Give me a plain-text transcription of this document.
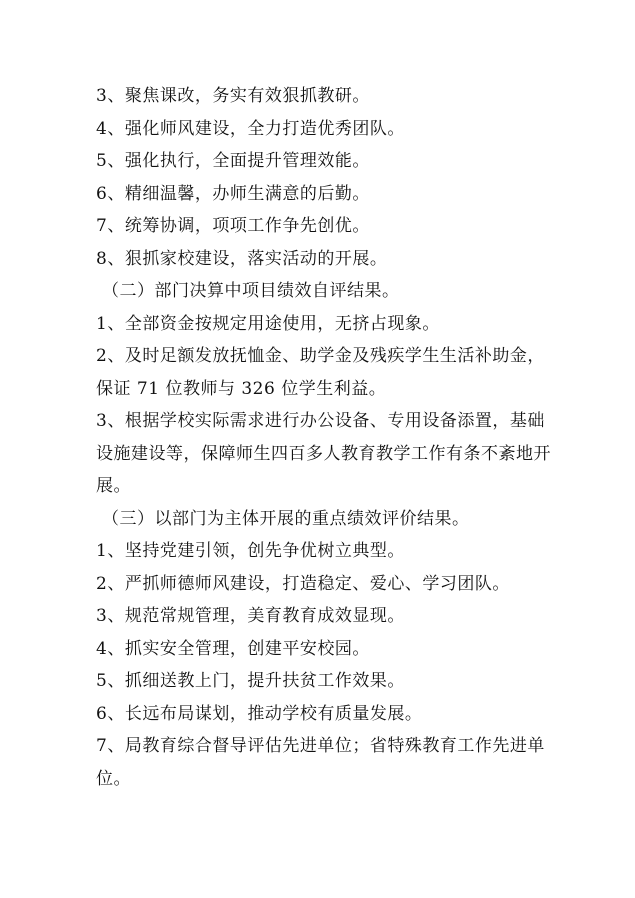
3、聚焦课改，务实有效狠抓教研。

4、强化师风建设，全力打造优秀团队。

5、强化执行，全面提升管理效能。

6、精细温馨，办师生满意的后勤。

7、统筹协调，项项工作争先创优。

8、狠抓家校建设，落实活动的开展。

（二）部门决算中项目绩效自评结果。

1、全部资金按规定用途使用，无挤占现象。

2、及时足额发放抚恤金、助学金及残疾学生生活补助金，

保证 71 位教师与 326 位学生利益。

3、根据学校实际需求进行办公设备、专用设备添置，基础

设施建设等，保障师生四百多人教育教学工作有条不紊地开

展。

（三）以部门为主体开展的重点绩效评价结果。

1、坚持党建引领，创先争优树立典型。

2、严抓师德师风建设，打造稳定、爱心、学习团队。

3、规范常规管理，美育教育成效显现。

4、抓实安全管理，创建平安校园。

5、抓细送教上门，提升扶贫工作效果。

6、长远布局谋划，推动学校有质量发展。

7、局教育综合督导评估先进单位；省特殊教育工作先进单

位。
